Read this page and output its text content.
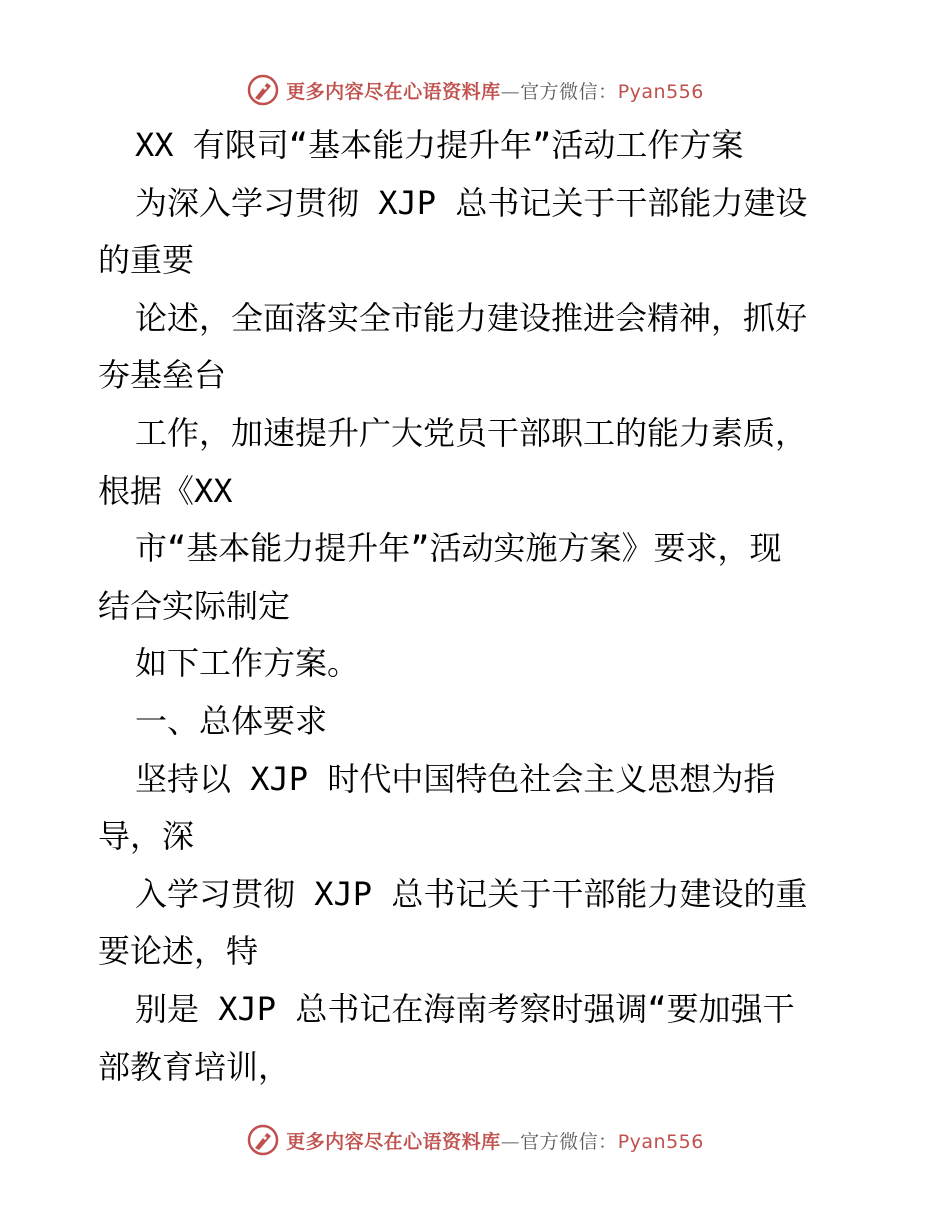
更多内容尽在心语资料库—官方微信：Pyan556
XX 有限司“基本能力提升年”活动工作方案
为深入学习贯彻 XJP 总书记关于干部能力建设
的重要
论述，全面落实全市能力建设推进会精神，抓好
夯基垒台
工作，加速提升广大党员干部职工的能力素质，
根据《XX
市“基本能力提升年”活动实施方案》要求，现
结合实际制定
如下工作方案。
一、总体要求
坚持以 XJP 时代中国特色社会主义思想为指
导，深
入学习贯彻 XJP 总书记关于干部能力建设的重
要论述，特
别是 XJP 总书记在海南考察时强调“要加强干
部教育培训，
更多内容尽在心语资料库—官方微信：Pyan556
